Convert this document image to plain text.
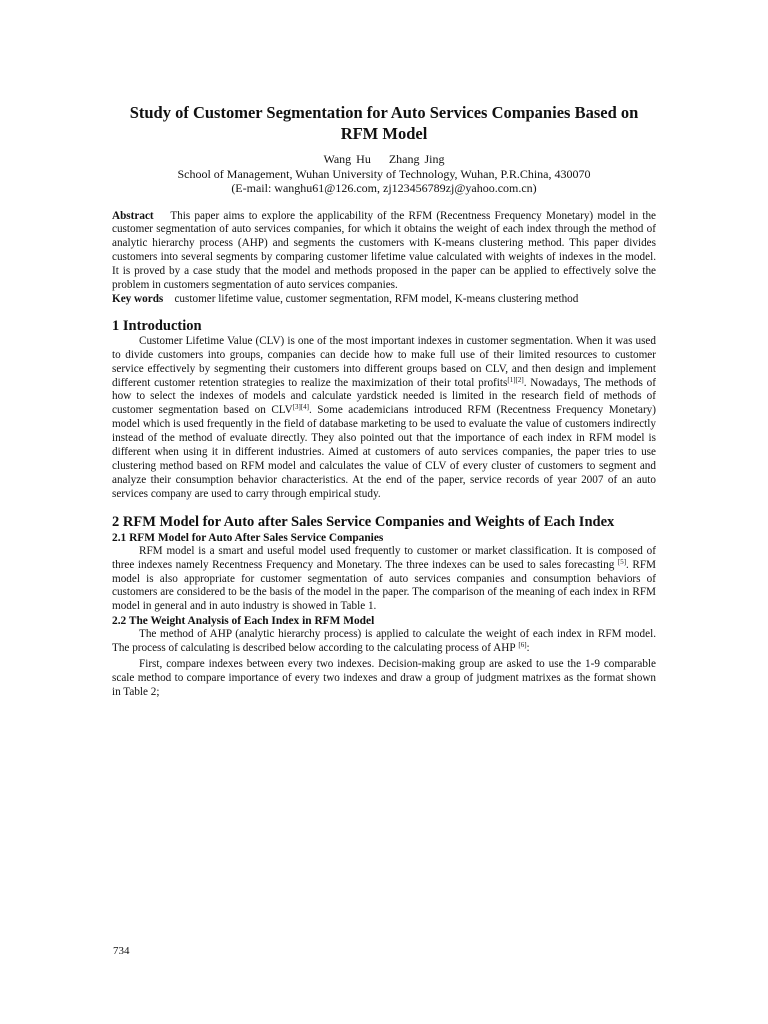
Study of Customer Segmentation for Auto Services Companies Based on RFM Model
Wang Hu Zhang Jing
School of Management, Wuhan University of Technology, Wuhan, P.R.China, 430070
(E-mail: wanghu61@126.com, zj123456789zj@yahoo.com.cn)

Abstract This paper aims to explore the applicability of the RFM (Recentness Frequency Monetary) model in the customer segmentation of auto services companies, for which it obtains the weight of each index through the method of analytic hierarchy process (AHP) and segments the customers with K-means clustering method. This paper divides customers into several segments by comparing customer lifetime value calculated with weights of indexes in the model. It is proved by a case study that the model and methods proposed in the paper can be applied to effectively solve the problem in customers segmentation of auto services companies.

Key words customer lifetime value, customer segmentation, RFM model, K-means clustering method

1 Introduction

Customer Lifetime Value (CLV) is one of the most important indexes in customer segmentation. When it was used to divide customers into groups, companies can decide how to make full use of their limited resources to customer service effectively by segmenting their customers into different groups based on CLV, and then design and implement different customer retention strategies to realize the maximization of their total profits[1][2]. Nowadays, The methods of how to select the indexes of models and calculate yardstick needed is limited in the research field of methods of customer segmentation based on CLV[3][4]. Some academicians introduced RFM (Recentness Frequency Monetary) model which is used frequently in the field of database marketing to be used to evaluate the value of customers indirectly instead of the method of evaluate directly. They also pointed out that the importance of each index in RFM model is different when using it in different industries. Aimed at customers of auto services companies, the paper tries to use clustering method based on RFM model and calculates the value of CLV of every cluster of customers to segment and analyze their consumption behavior characteristics. At the end of the paper, service records of year 2007 of an auto services company are used to carry through empirical study.

2 RFM Model for Auto after Sales Service Companies and Weights of Each Index
2.1 RFM Model for Auto After Sales Service Companies

RFM model is a smart and useful model used frequently to customer or market classification. It is composed of three indexes namely Recentness Frequency and Monetary. The three indexes can be used to sales forecasting [5]. RFM model is also appropriate for customer segmentation of auto services companies and consumption behaviors of customers are considered to be the basis of the model in the paper. The comparison of the meaning of each index in RFM model in general and in auto industry is showed in Table 1.

2.2 The Weight Analysis of Each Index in RFM Model

The method of AHP (analytic hierarchy process) is applied to calculate the weight of each index in RFM model. The process of calculating is described below according to the calculating process of AHP [6]:

First, compare indexes between every two indexes. Decision-making group are asked to use the 1-9 comparable scale method to compare importance of every two indexes and draw a group of judgment matrixes as the format shown in Table 2;

734
